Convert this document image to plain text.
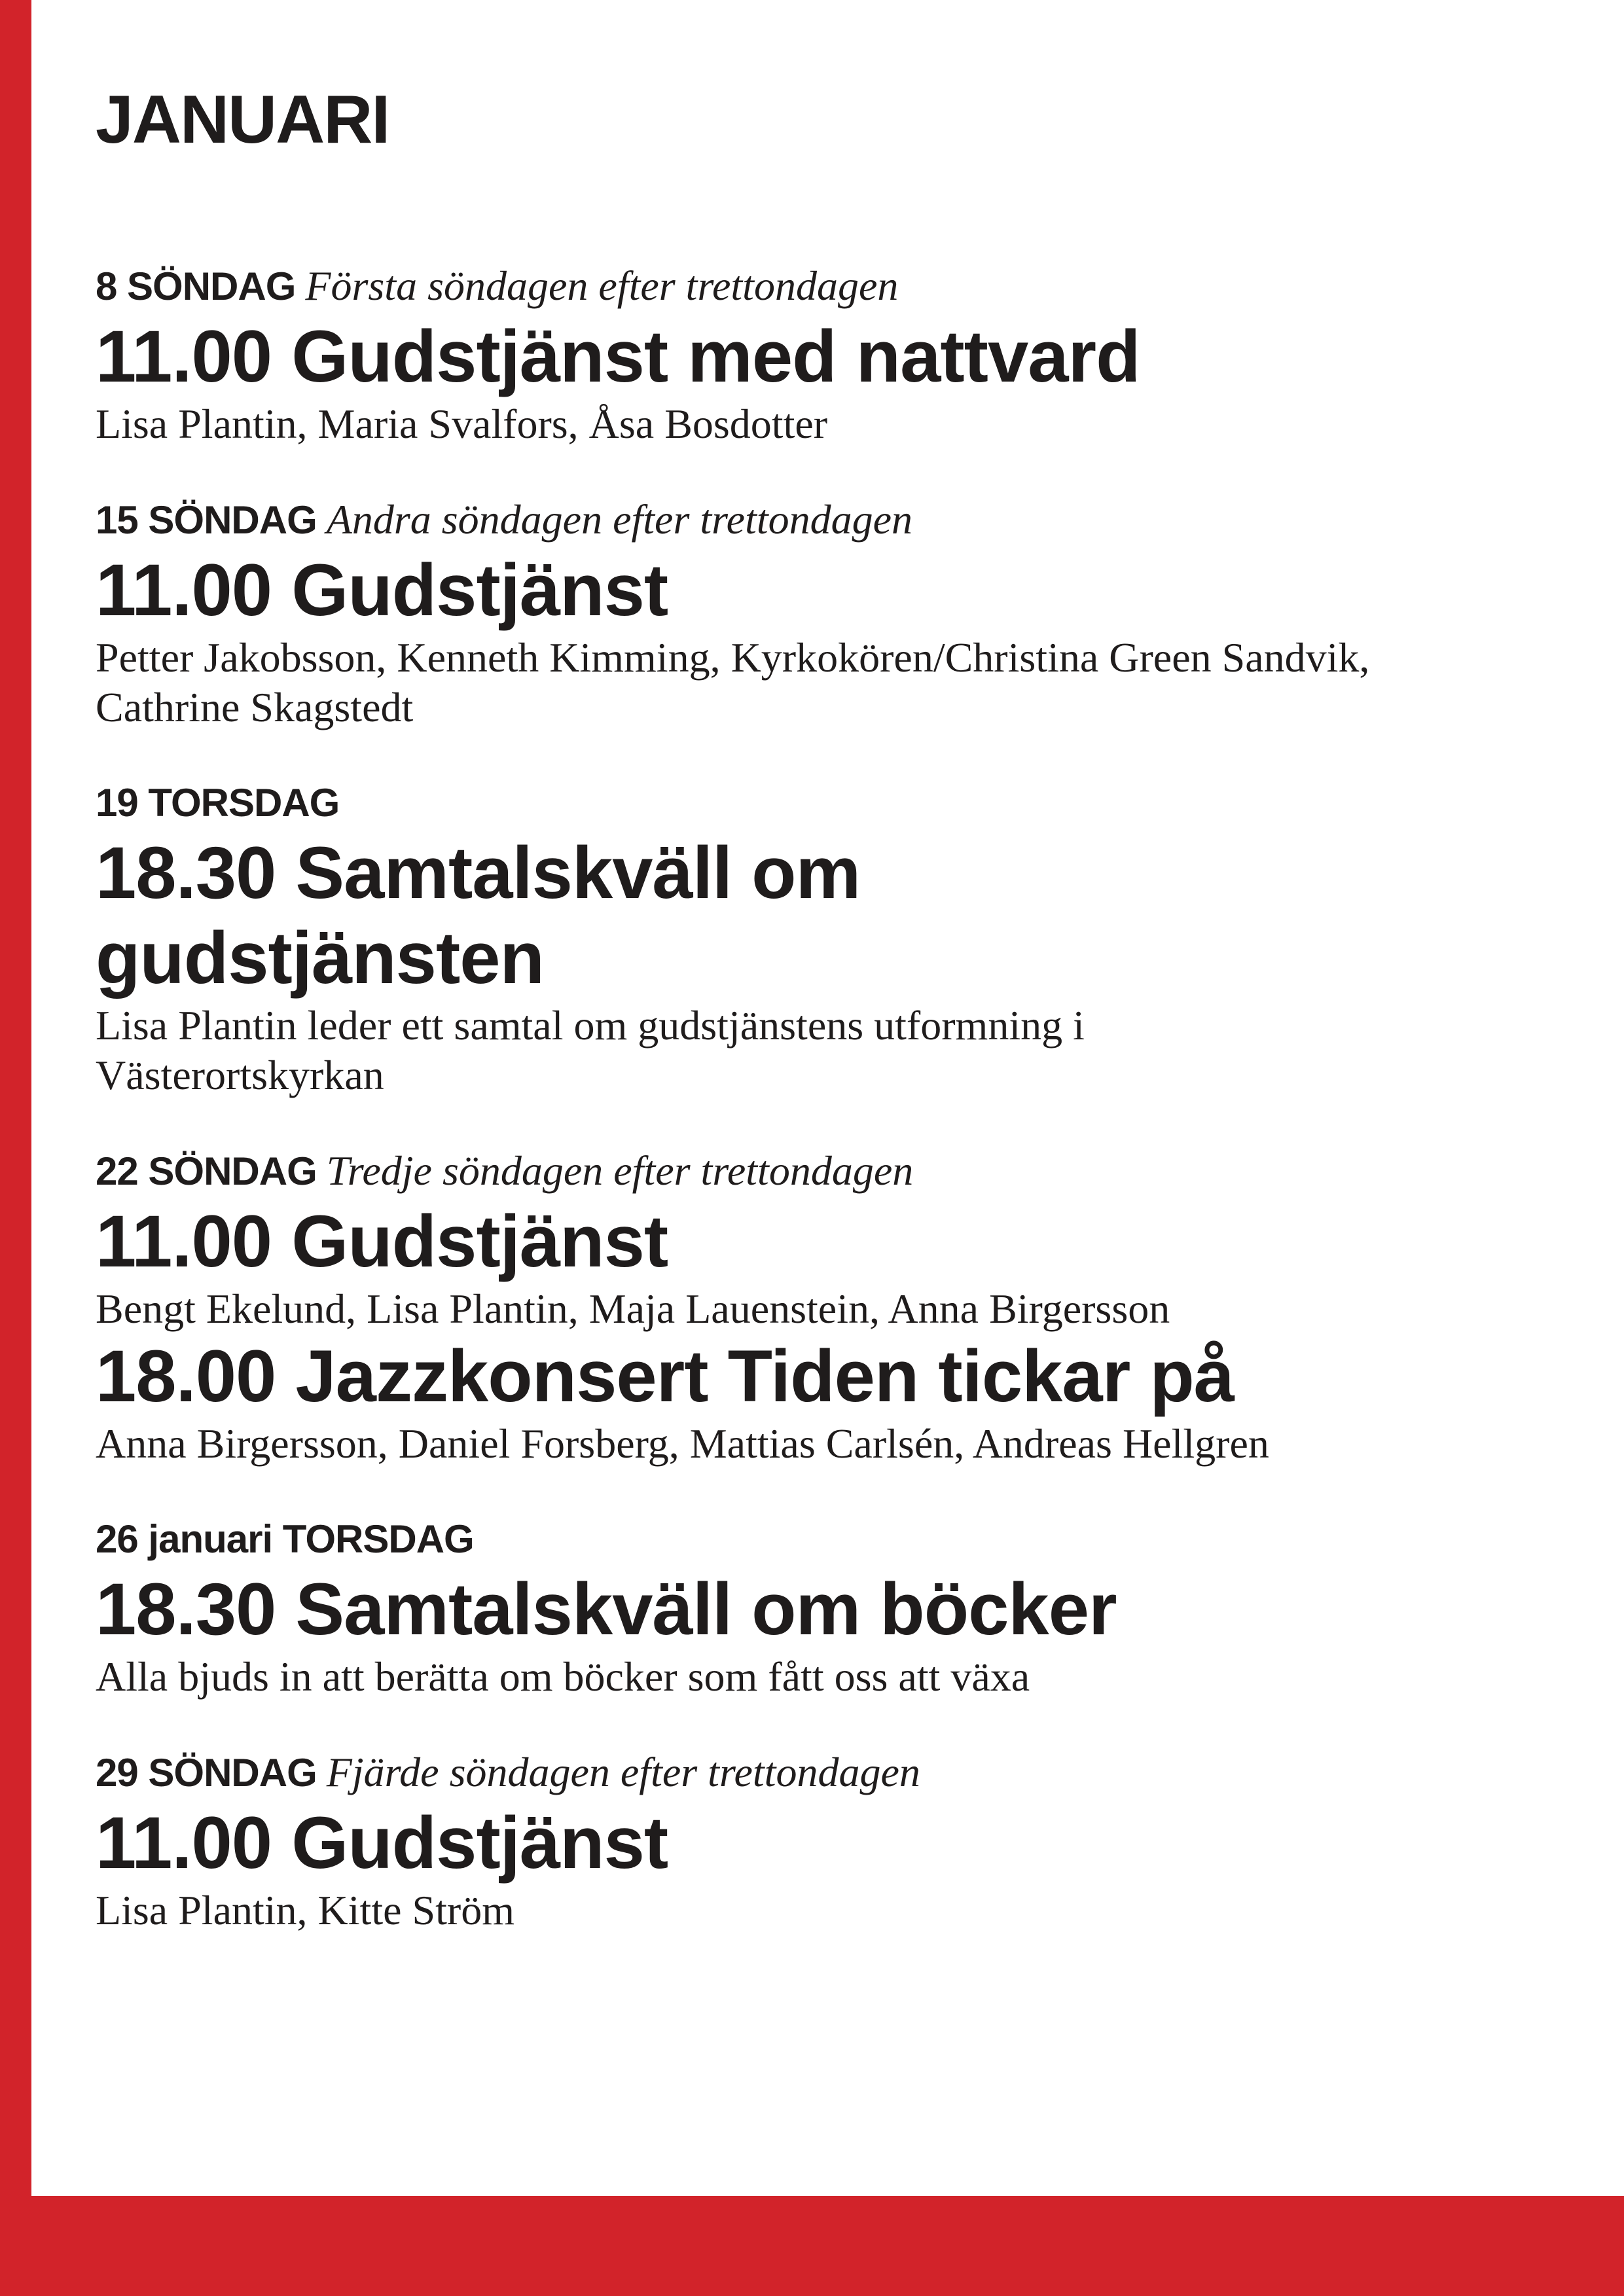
JANUARI
8 SÖNDAG Första söndagen efter trettondagen
11.00 Gudstjänst med nattvard
Lisa Plantin, Maria Svalfors, Åsa Bosdotter
15 SÖNDAG Andra söndagen efter trettondagen
11.00 Gudstjänst
Petter Jakobsson, Kenneth Kimming, Kyrkokören/Christina Green Sandvik, Cathrine Skagstedt
19 TORSDAG
18.30 Samtalskväll om gudstjänsten
Lisa Plantin leder ett samtal om gudstjänstens utformning i Västerortskyrkan
22 SÖNDAG Tredje söndagen efter trettondagen
11.00 Gudstjänst
Bengt Ekelund, Lisa Plantin, Maja Lauenstein, Anna Birgersson
18.00 Jazzkonsert Tiden tickar på
Anna Birgersson, Daniel Forsberg, Mattias Carlsén, Andreas Hellgren
26 januari TORSDAG
18.30 Samtalskväll om böcker
Alla bjuds in att berätta om böcker som fått oss att växa
29 SÖNDAG Fjärde söndagen efter trettondagen
11.00 Gudstjänst
Lisa Plantin, Kitte Ström
